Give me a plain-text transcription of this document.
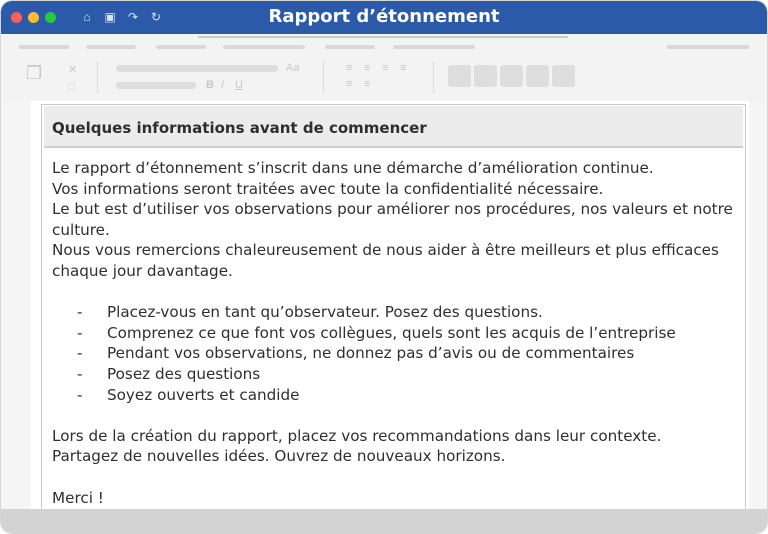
⌂ ▣ ↷ ↻	Rapport d’étonnement
❐ ✕
□
Aa
B I U
≡ ≡ ≡ ≡
≡ ≡
Quelques informations avant de commencer

Le rapport d’étonnement s’inscrit dans une démarche d’amélioration continue.

Vos informations seront traitées avec toute la confidentialité nécessaire.

Le but est d’utiliser vos observations pour améliorer nos procédures, nos valeurs et notre culture.

Nous vous remercions chaleureusement de nous aider à être meilleurs et plus efficaces chaque jour davantage.

- Placez-vous en tant qu’observateur. Posez des questions.

- Comprenez ce que font vos collègues, quels sont les acquis de l’entreprise

- Pendant vos observations, ne donnez pas d’avis ou de commentaires

- Posez des questions

- Soyez ouverts et candide

Lors de la création du rapport, placez vos recommandations dans leur contexte.

Partagez de nouvelles idées. Ouvrez de nouveaux horizons.

Merci !
